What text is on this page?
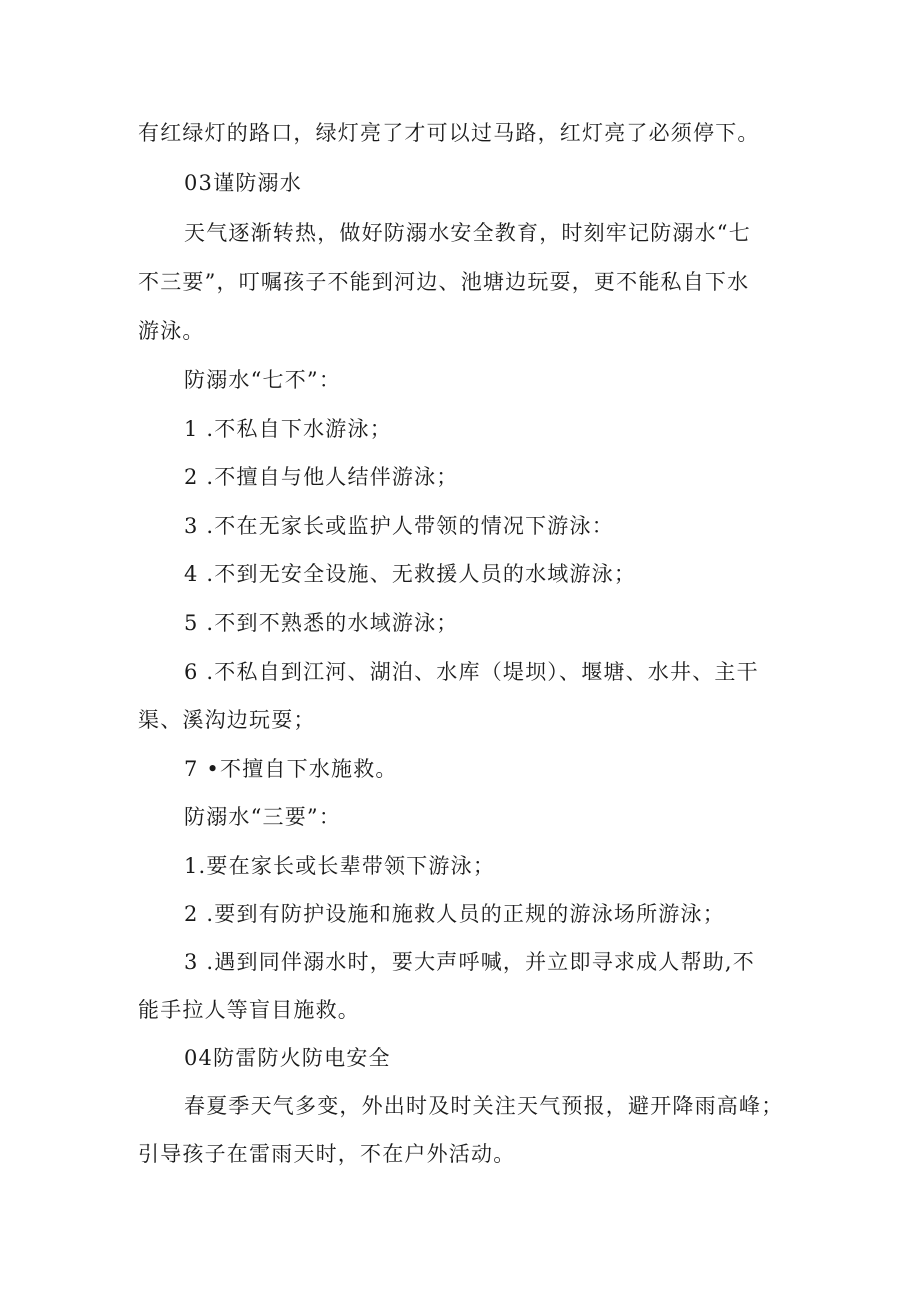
有红绿灯的路口，绿灯亮了才可以过马路，红灯亮了必须停下。
03谨防溺水
天气逐渐转热，做好防溺水安全教育，时刻牢记防溺水“七
不三要”，叮嘱孩子不能到河边、池塘边玩耍，更不能私自下水
游泳。
防溺水“七不”：
1 .不私自下水游泳；
2 .不擅自与他人结伴游泳；
3 .不在无家长或监护人带领的情况下游泳：
4 .不到无安全设施、无救援人员的水域游泳；
5 .不到不熟悉的水域游泳；
6 .不私自到江河、湖泊、水库（堤坝）、堰塘、水井、主干
渠、溪沟边玩耍；
7 •不擅自下水施救。
防溺水“三要”：
1.要在家长或长辈带领下游泳；
2 .要到有防护设施和施救人员的正规的游泳场所游泳；
3 .遇到同伴溺水时，要大声呼喊，并立即寻求成人帮助,不
能手拉人等盲目施救。
04防雷防火防电安全
春夏季天气多变，外出时及时关注天气预报，避开降雨高峰；
引导孩子在雷雨天时，不在户外活动。
